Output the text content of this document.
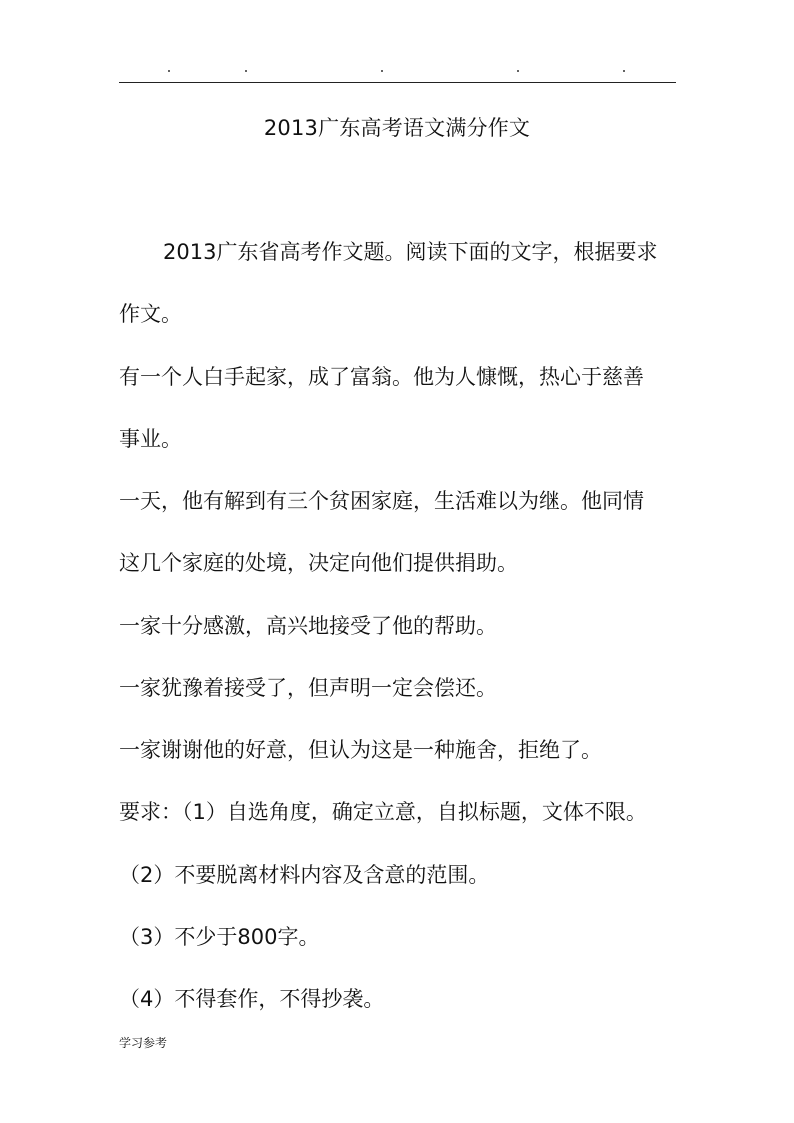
2013广东高考语文满分作文
2013广东省高考作文题。阅读下面的文字，根据要求
作文。
有一个人白手起家，成了富翁。他为人慷慨，热心于慈善
事业。
一天，他有解到有三个贫困家庭，生活难以为继。他同情
这几个家庭的处境，决定向他们提供捐助。
一家十分感激，高兴地接受了他的帮助。
一家犹豫着接受了，但声明一定会偿还。
一家谢谢他的好意，但认为这是一种施舍，拒绝了。
要求：（1）自选角度，确定立意，自拟标题，文体不限。
（2）不要脱离材料内容及含意的范围。
（3）不少于800字。
（4）不得套作，不得抄袭。
学习参考
